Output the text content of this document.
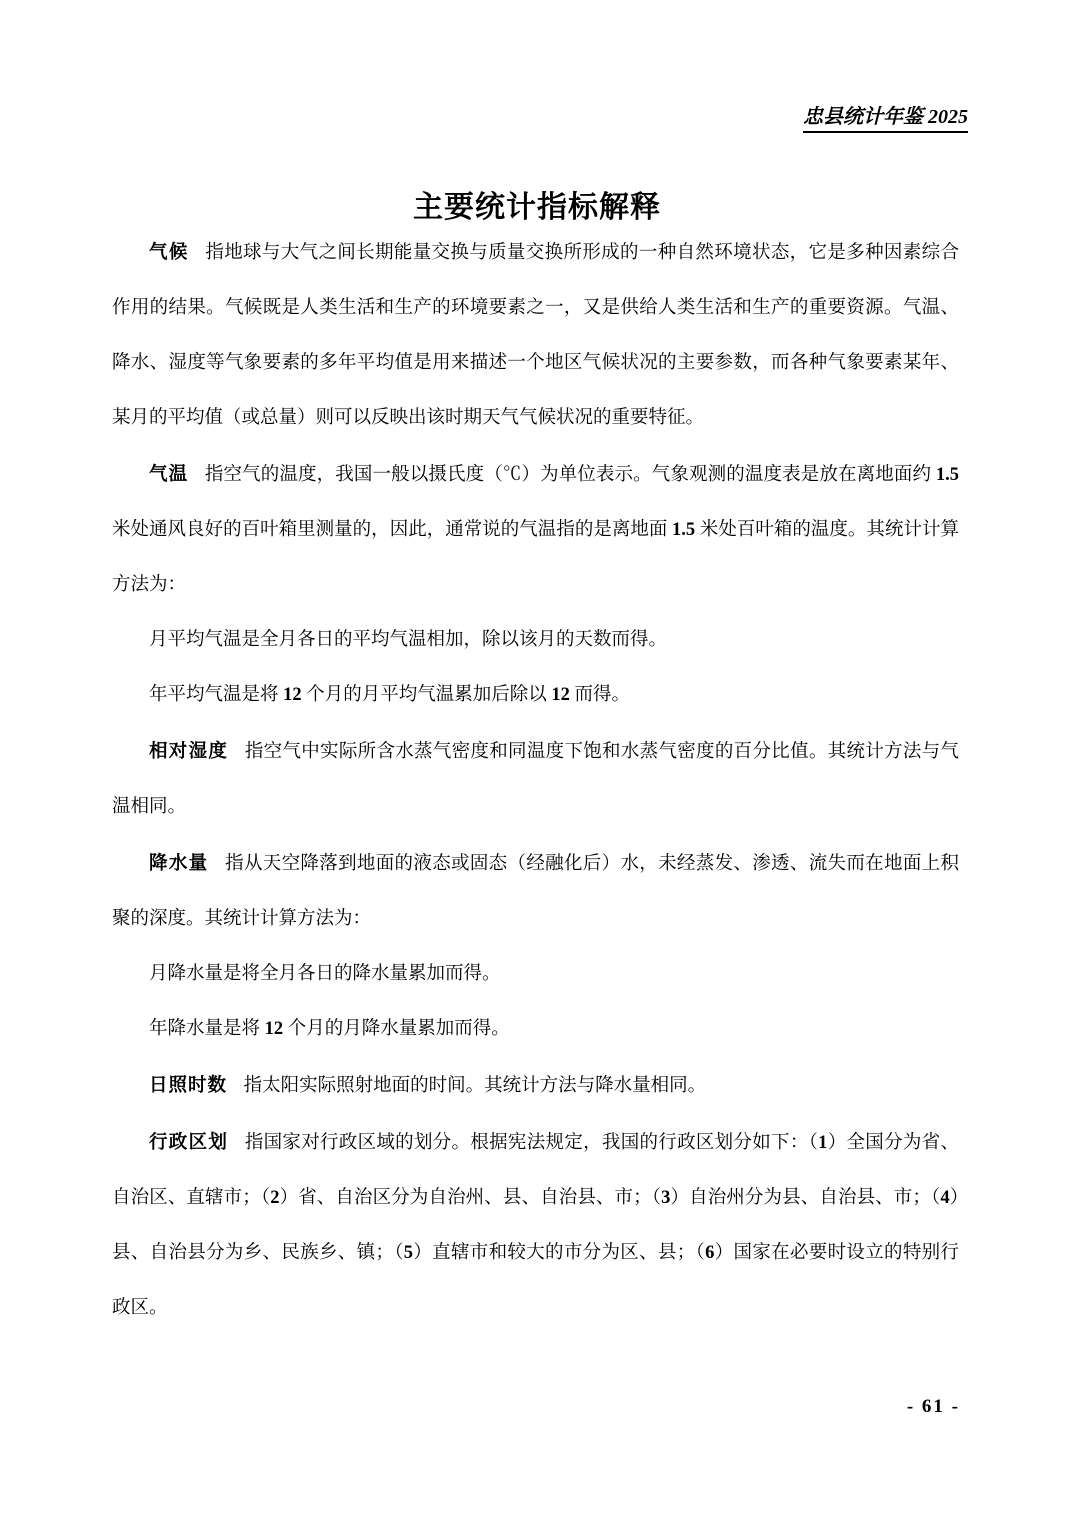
忠县统计年鉴 2025
主要统计指标解释

气候 指地球与大气之间长期能量交换与质量交换所形成的一种自然环境状态，它是多种因素综合作用的结果。气候既是人类生活和生产的环境要素之一，又是供给人类生活和生产的重要资源。气温、降水、湿度等气象要素的多年平均值是用来描述一个地区气候状况的主要参数，而各种气象要素某年、某月的平均值（或总量）则可以反映出该时期天气气候状况的重要特征。

气温 指空气的温度，我国一般以摄氏度（℃）为单位表示。气象观测的温度表是放在离地面约 1.5 米处通风良好的百叶箱里测量的，因此，通常说的气温指的是离地面 1.5 米处百叶箱的温度。其统计计算方法为：

月平均气温是全月各日的平均气温相加，除以该月的天数而得。

年平均气温是将 12 个月的月平均气温累加后除以 12 而得。

相对湿度 指空气中实际所含水蒸气密度和同温度下饱和水蒸气密度的百分比值。其统计方法与气温相同。

降水量 指从天空降落到地面的液态或固态（经融化后）水，未经蒸发、渗透、流失而在地面上积聚的深度。其统计计算方法为：

月降水量是将全月各日的降水量累加而得。

年降水量是将 12 个月的月降水量累加而得。

日照时数 指太阳实际照射地面的时间。其统计方法与降水量相同。

行政区划 指国家对行政区域的划分。根据宪法规定，我国的行政区划分如下：（1）全国分为省、自治区、直辖市；（2）省、自治区分为自治州、县、自治县、市；（3）自治州分为县、自治县、市；（4）县、自治县分为乡、民族乡、镇；（5）直辖市和较大的市分为区、县；（6）国家在必要时设立的特别行政区。

- 61 -
